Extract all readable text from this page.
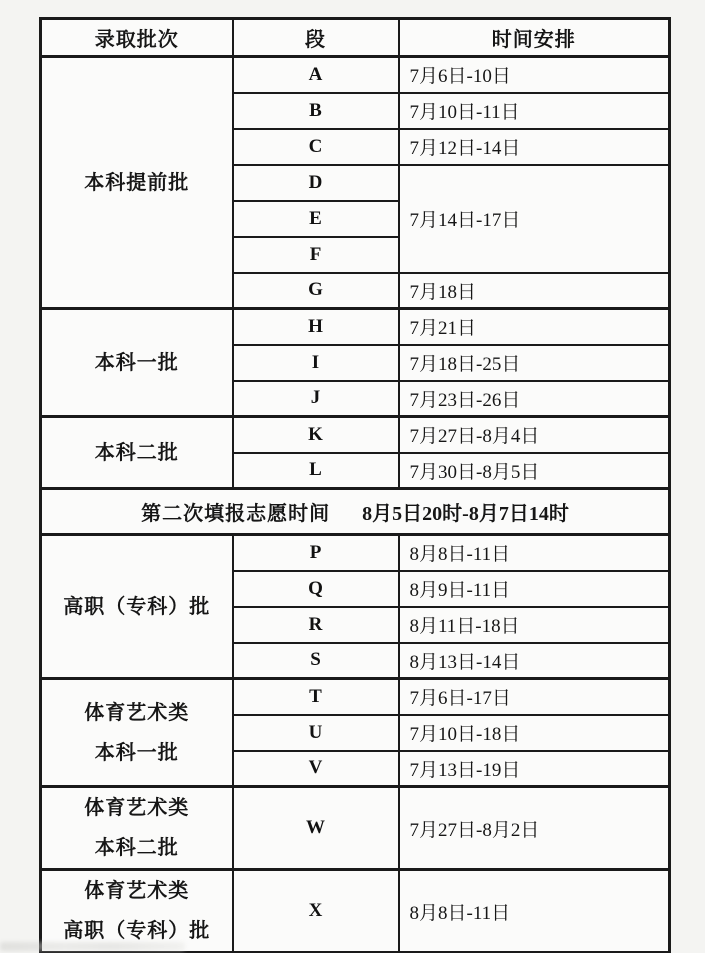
录取批次	段	时间安排

本科提前批	A	7月6日-10日
	B	7月10日-11日
	C	7月12日-14日
	D	7月14日-17日
	E	
	F	
	G	7月18日

本科一批	H	7月21日
	I	7月18日-25日
	J	7月23日-26日

本科二批	K	7月27日-8月4日
	L	7月30日-8月5日
第二次填报志愿时间 8月5日20时-8月7日14时		

高职（专科）批	P	8月8日-11日
	Q	8月9日-11日
	R	8月11日-18日
	S	8月13日-14日

体育艺术类
本科一批	T	7月6日-17日
	U	7月10日-18日
	V	7月13日-19日

体育艺术类
本科二批	W	7月27日-8月2日

体育艺术类
高职（专科）批	X	8月8日-11日
